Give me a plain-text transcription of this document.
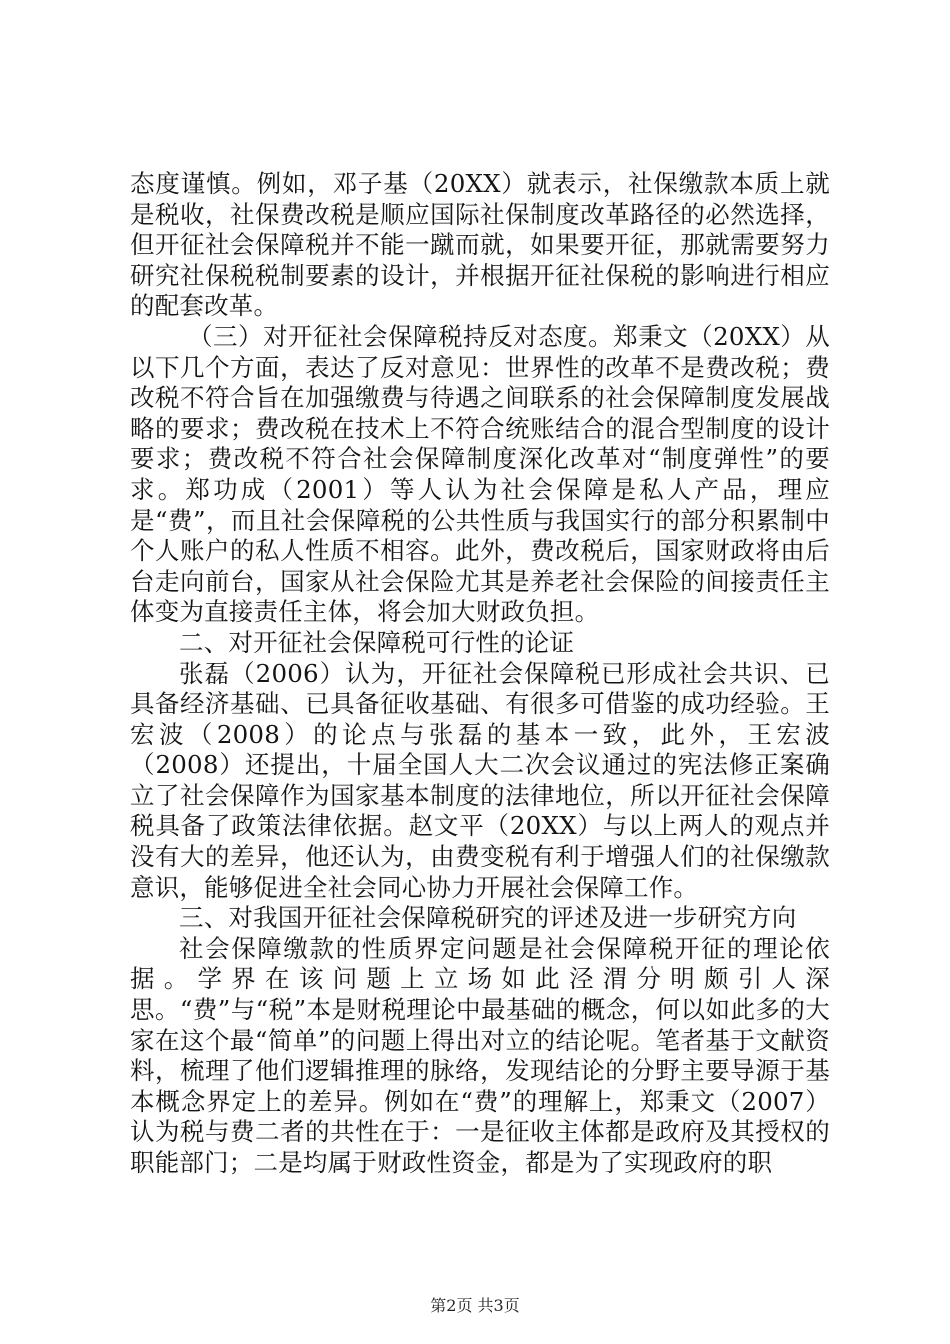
态度谨慎。例如，邓子基（20XX）就表示，社保缴款本质上就是税收，社保费改税是顺应国际社保制度改革路径的必然选择，但开征社会保障税并不能一蹴而就，如果要开征，那就需要努力研究社保税税制要素的设计，并根据开征社保税的影响进行相应的配套改革。

（三）对开征社会保障税持反对态度。郑秉文（20XX）从以下几个方面，表达了反对意见：世界性的改革不是费改税；费改税不符合旨在加强缴费与待遇之间联系的社会保障制度发展战略的要求；费改税在技术上不符合统账结合的混合型制度的设计要求；费改税不符合社会保障制度深化改革对“制度弹性”的要求。郑功成（2001）等人认为社会保障是私人产品，理应是“费”，而且社会保障税的公共性质与我国实行的部分积累制中个人账户的私人性质不相容。此外，费改税后，国家财政将由后台走向前台，国家从社会保险尤其是养老社会保险的间接责任主体变为直接责任主体，将会加大财政负担。

二、对开征社会保障税可行性的论证

张磊（2006）认为，开征社会保障税已形成社会共识、已具备经济基础、已具备征收基础、有很多可借鉴的成功经验。王宏波（2008）的论点与张磊的基本一致，此外，王宏波（2008）还提出，十届全国人大二次会议通过的宪法修正案确立了社会保障作为国家基本制度的法律地位，所以开征社会保障税具备了政策法律依据。赵文平（20XX）与以上两人的观点并没有大的差异，他还认为，由费变税有利于增强人们的社保缴款意识，能够促进全社会同心协力开展社会保障工作。

三、对我国开征社会保障税研究的评述及进一步研究方向

社会保障缴款的性质界定问题是社会保障税开征的理论依据。学界在该问题上立场如此泾渭分明颇引人深思。“费”与“税”本是财税理论中最基础的概念，何以如此多的大家在这个最“简单”的问题上得出对立的结论呢。笔者基于文献资料，梳理了他们逻辑推理的脉络，发现结论的分野主要导源于基本概念界定上的差异。例如在“费”的理解上，郑秉文（2007）认为税与费二者的共性在于：一是征收主体都是政府及其授权的职能部门；二是均属于财政性资金，都是为了实现政府的职

第2页 共3页
